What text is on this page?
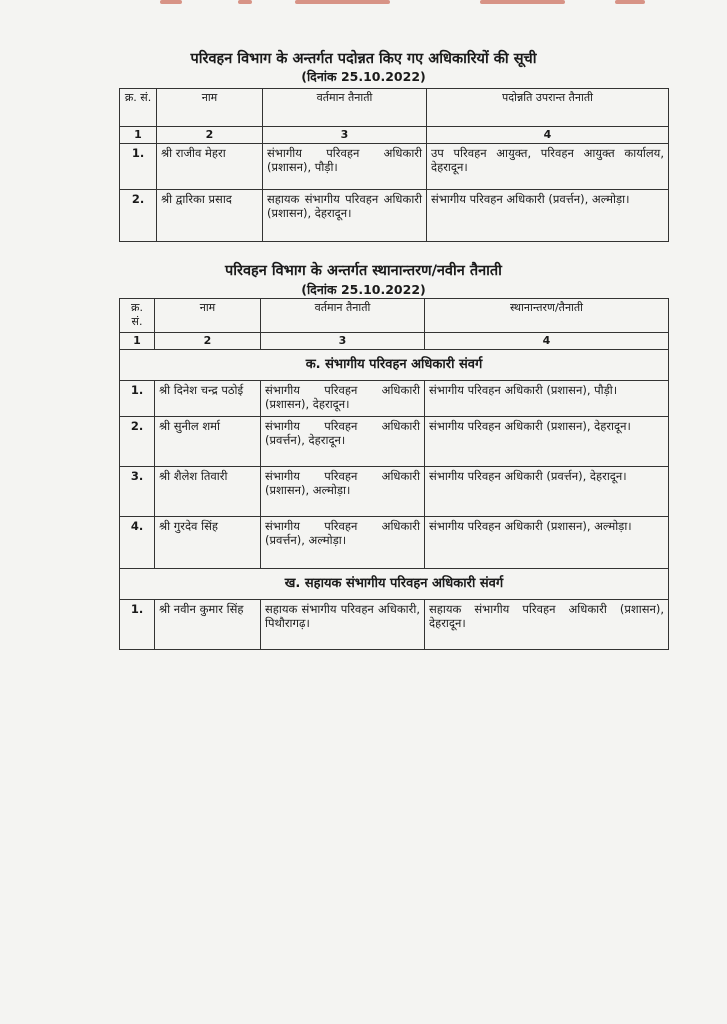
परिवहन विभाग के अन्तर्गत पदोन्नत किए गए अधिकारियों की सूची
(दिनांक 25.10.2022)
क्र. सं.	नाम	वर्तमान तैनाती	पदोन्नति उपरान्त तैनाती
1	2	3	4
1.	श्री राजीव मेहरा	संभागीय परिवहन अधिकारी (प्रशासन), पौड़ी।	उप परिवहन आयुक्त, परिवहन आयुक्त कार्यालय, देहरादून।
2.	श्री द्वारिका प्रसाद	सहायक संभागीय परिवहन अधिकारी (प्रशासन), देहरादून।	संभागीय परिवहन अधिकारी (प्रवर्त्तन), अल्मोड़ा।
परिवहन विभाग के अन्तर्गत स्थानान्तरण/नवीन तैनाती
(दिनांक 25.10.2022)
क्र. सं.	नाम	वर्तमान तैनाती	स्थानान्तरण/तैनाती
1	2	3	4
क. संभागीय परिवहन अधिकारी संवर्ग			
1.	श्री दिनेश चन्द्र पठोई	संभागीय परिवहन अधिकारी (प्रशासन), देहरादून।	संभागीय परिवहन अधिकारी (प्रशासन), पौड़ी।
2.	श्री सुनील शर्मा	संभागीय परिवहन अधिकारी (प्रवर्त्तन), देहरादून।	संभागीय परिवहन अधिकारी (प्रशासन), देहरादून।
3.	श्री शैलेश तिवारी	संभागीय परिवहन अधिकारी (प्रशासन), अल्मोड़ा।	संभागीय परिवहन अधिकारी (प्रवर्त्तन), देहरादून।
4.	श्री गुरदेव सिंह	संभागीय परिवहन अधिकारी (प्रवर्त्तन), अल्मोड़ा।	संभागीय परिवहन अधिकारी (प्रशासन), अल्मोड़ा।
ख. सहायक संभागीय परिवहन अधिकारी संवर्ग			
1.	श्री नवीन कुमार सिंह	सहायक संभागीय परिवहन अधिकारी, पिथौरागढ़।	सहायक संभागीय परिवहन अधिकारी (प्रशासन), देहरादून।
